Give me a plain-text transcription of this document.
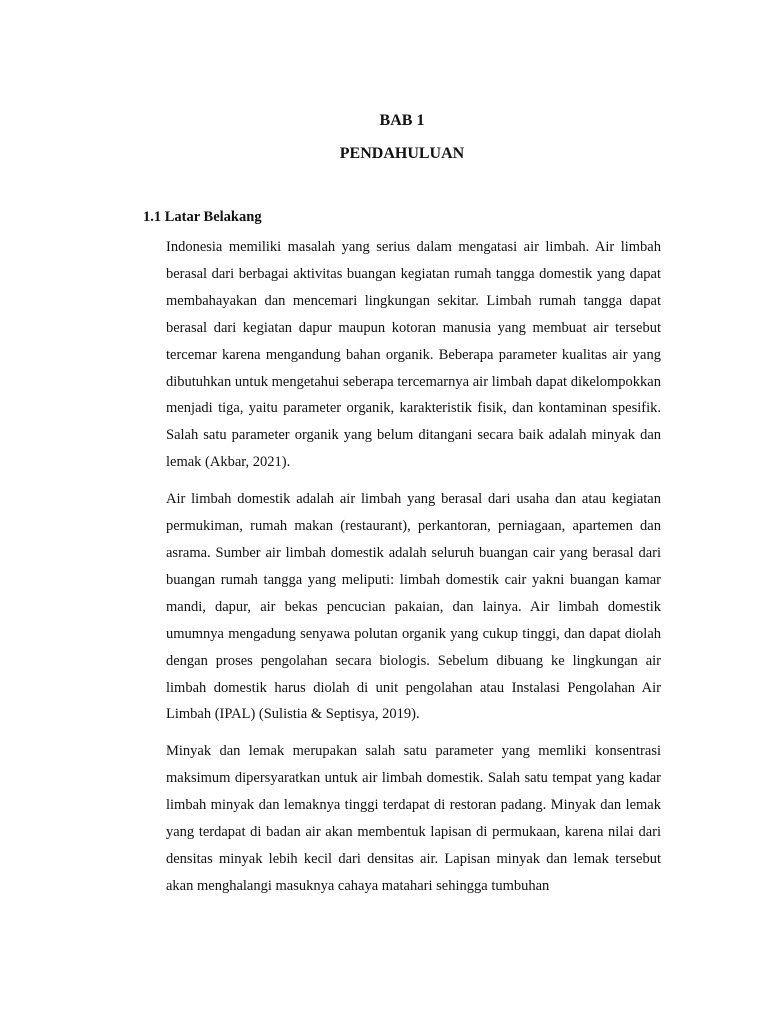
BAB 1
PENDAHULUAN
1.1 Latar Belakang

Indonesia memiliki masalah yang serius dalam mengatasi air limbah. Air limbah berasal dari berbagai aktivitas buangan kegiatan rumah tangga domestik yang dapat membahayakan dan mencemari lingkungan sekitar. Limbah rumah tangga dapat berasal dari kegiatan dapur maupun kotoran manusia yang membuat air tersebut tercemar karena mengandung bahan organik. Beberapa parameter kualitas air yang dibutuhkan untuk mengetahui seberapa tercemarnya air limbah dapat dikelompokkan menjadi tiga, yaitu parameter organik, karakteristik fisik, dan kontaminan spesifik. Salah satu parameter organik yang belum ditangani secara baik adalah minyak dan lemak (Akbar, 2021).

Air limbah domestik adalah air limbah yang berasal dari usaha dan atau kegiatan permukiman, rumah makan (restaurant), perkantoran, perniagaan, apartemen dan asrama. Sumber air limbah domestik adalah seluruh buangan cair yang berasal dari buangan rumah tangga yang meliputi: limbah domestik cair yakni buangan kamar mandi, dapur, air bekas pencucian pakaian, dan lainya. Air limbah domestik umumnya mengadung senyawa polutan organik yang cukup tinggi, dan dapat diolah dengan proses pengolahan secara biologis. Sebelum dibuang ke lingkungan air limbah domestik harus diolah di unit pengolahan atau Instalasi Pengolahan Air Limbah (IPAL) (Sulistia & Septisya, 2019).

Minyak dan lemak merupakan salah satu parameter yang memliki konsentrasi maksimum dipersyaratkan untuk air limbah domestik. Salah satu tempat yang kadar limbah minyak dan lemaknya tinggi terdapat di restoran padang. Minyak dan lemak yang terdapat di badan air akan membentuk lapisan di permukaan, karena nilai dari densitas minyak lebih kecil dari densitas air. Lapisan minyak dan lemak tersebut akan menghalangi masuknya cahaya matahari sehingga tumbuhan
